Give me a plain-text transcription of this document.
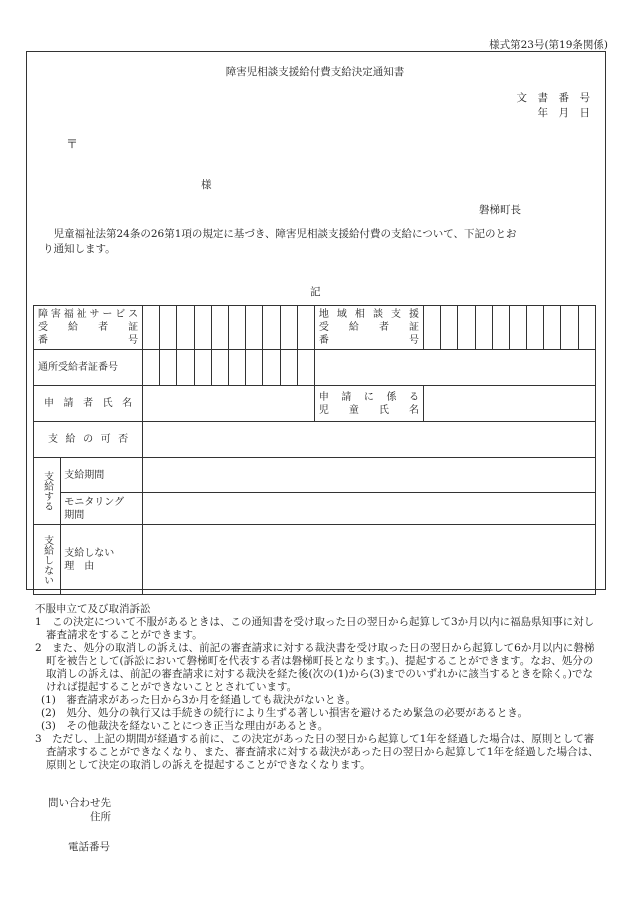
様式第23号(第19条関係)
障害児相談支援給付費支給決定通知書
文　書　番　号
年　月　日
〒
様
磐梯町長
　児童福祉法第24条の26第1項の規定に基づき、障害児相談支援給付費の支給について、下記のとお
り通知します。
記
障害福祉サービス
受　給　者　証
番　　　　　号												地域相談支援
受　給　者　証
番　　　　　号										

通所受給者証番号																						

申請者氏名												申請に係る
児　童　氏　名										

支給の可否																						

支給する	支給期間																					

	モニタリング
期間																					

支給しない	支給しない
理　由																					

不服申立て及び取消訴訟

1　この決定について不服があるときは、この通知書を受け取った日の翌日から起算して3か月以内に福島県知事に対し審査請求をすることができます。

2　また、処分の取消しの訴えは、前記の審査請求に対する裁決書を受け取った日の翌日から起算して6か月以内に磐梯町を被告として(訴訟において磐梯町を代表する者は磐梯町長となります。)、提起することができます。なお、処分の取消しの訴えは、前記の審査請求に対する裁決を経た後(次の(1)から(3)までのいずれかに該当するときを除く。)でなければ提起することができないこととされています。

(1)　審査請求があった日から3か月を経過しても裁決がないとき。

(2)　処分、処分の執行又は手続きの続行により生ずる著しい損害を避けるため緊急の必要があるとき。

(3)　その他裁決を経ないことにつき正当な理由があるとき。

3　ただし、上記の期間が経過する前に、この決定があった日の翌日から起算して1年を経過した場合は、原則として審査請求することができなくなり、また、審査請求に対する裁決があった日の翌日から起算して1年を経過した場合は、原則として決定の取消しの訴えを提起することができなくなります。

問い合わせ先
住所
電話番号
